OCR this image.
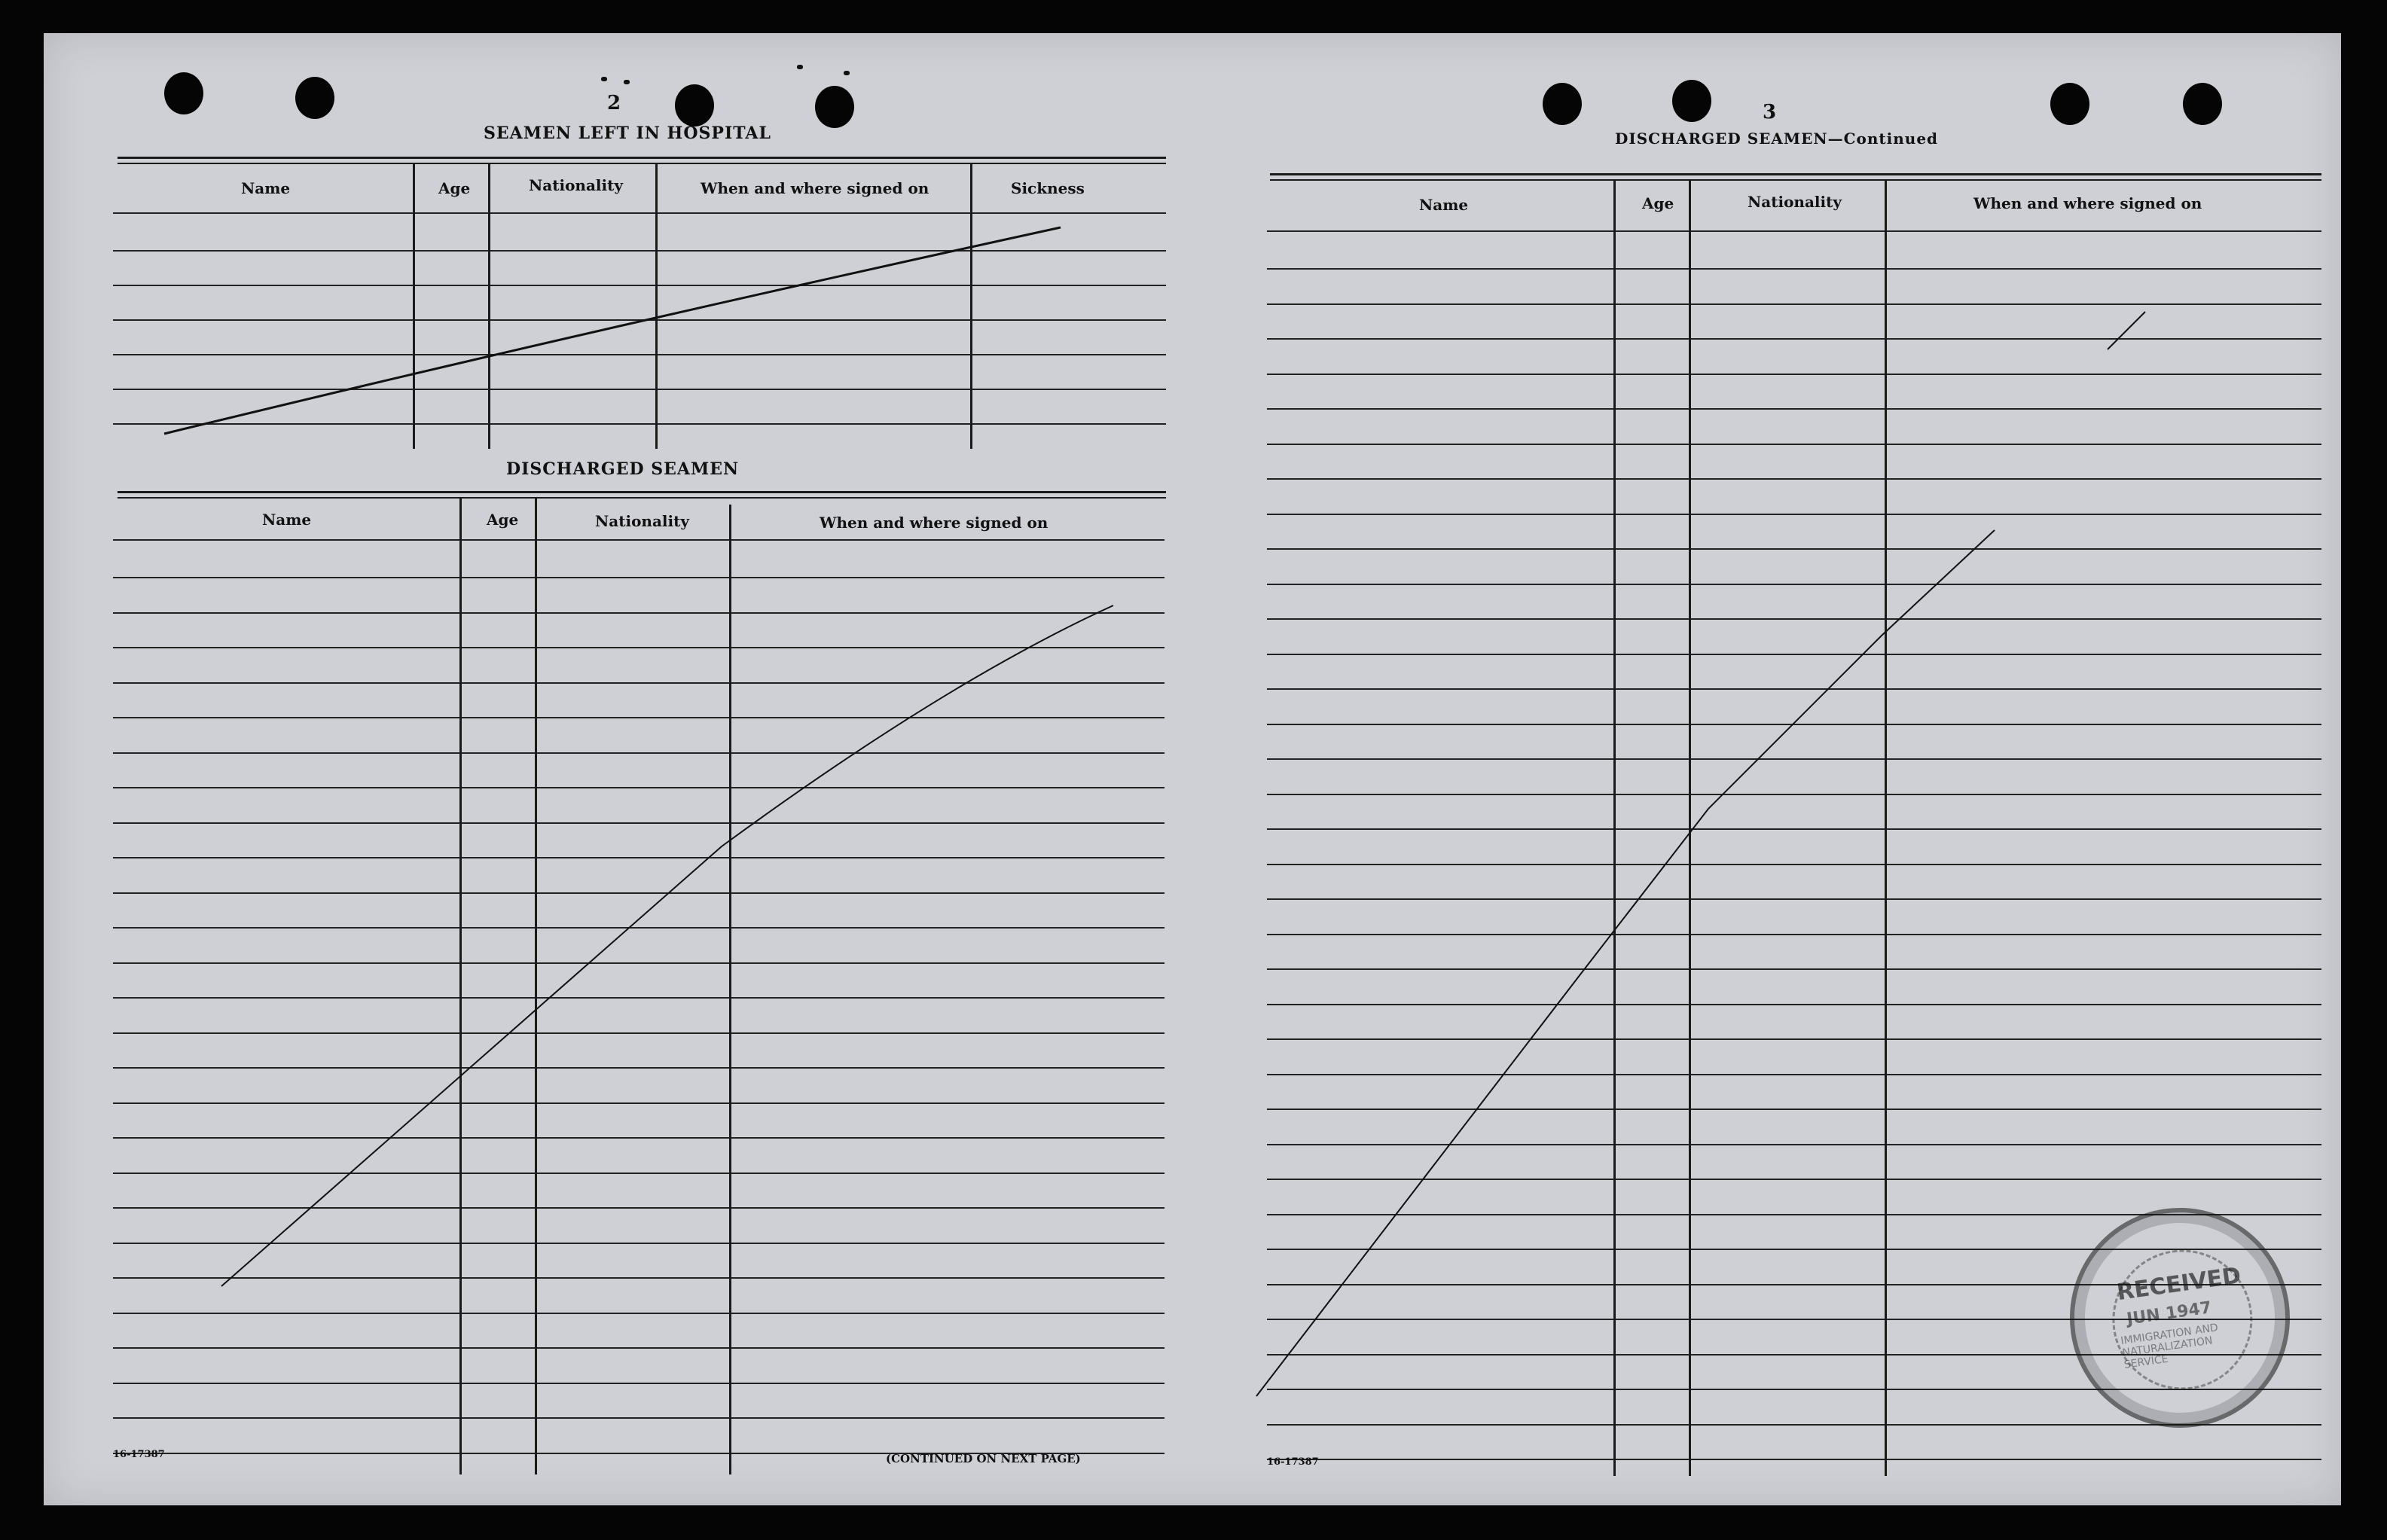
2
SEAMEN LEFT IN HOSPITAL
Name	Age	Nationality	When and where signed on	Sickness
DISCHARGED SEAMEN
Name	Age	Nationality	When and where signed on
16-17387	(CONTINUED ON NEXT PAGE)
3
DISCHARGED SEAMEN—Continued
Name	Age	Nationality	When and where signed on
16-17387
RECEIVED
JUN 1947
IMMIGRATION AND NATURALIZATION SERVICE
